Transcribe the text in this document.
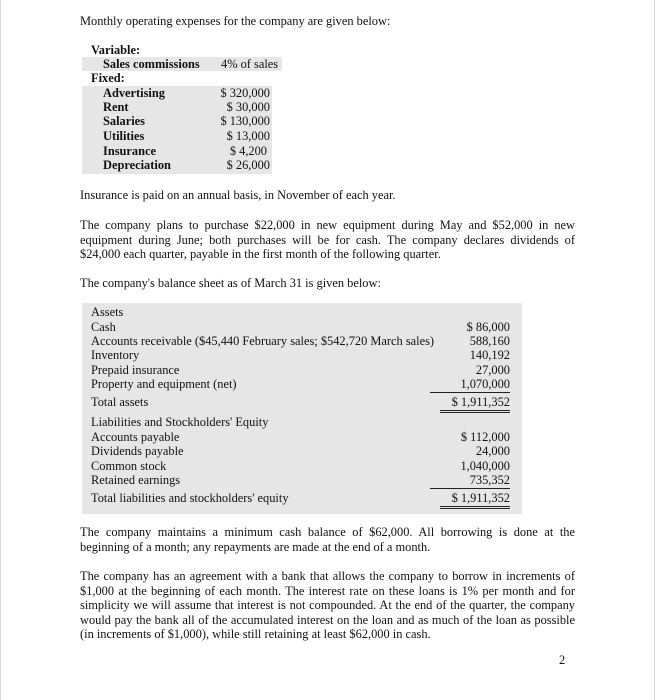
Monthly operating expenses for the company are given below:
Variable:
Sales commissions 4% of sales
Fixed:
Advertising	$ 320,000
Rent	$ 30,000
Salaries	$ 130,000
Utilities	$ 13,000
Insurance	$ 4,200
Depreciation	$ 26,000
Insurance is paid on an annual basis, in November of each year.
The company plans to purchase $22,000 in new equipment during May and $52,000 in new equipment during June; both purchases will be for cash. The company declares dividends of $24,000 each quarter, payable in the first month of the following quarter.
The company's balance sheet as of March 31 is given below:
Assets
Cash	$ 86,000
Accounts receivable ($45,440 February sales; $542,720 March sales)	588,160
Inventory	140,192
Prepaid insurance	27,000
Property and equipment (net)	1,070,000
Total assets	$ 1,911,352
Liabilities and Stockholders' Equity
Accounts payable	$ 112,000
Dividends payable	24,000
Common stock	1,040,000
Retained earnings	735,352
Total liabilities and stockholders' equity	$ 1,911,352
The company maintains a minimum cash balance of $62,000. All borrowing is done at the beginning of a month; any repayments are made at the end of a month.
The company has an agreement with a bank that allows the company to borrow in increments of $1,000 at the beginning of each month. The interest rate on these loans is 1% per month and for simplicity we will assume that interest is not compounded. At the end of the quarter, the company would pay the bank all of the accumulated interest on the loan and as much of the loan as possible (in increments of $1,000), while still retaining at least $62,000 in cash.
2
